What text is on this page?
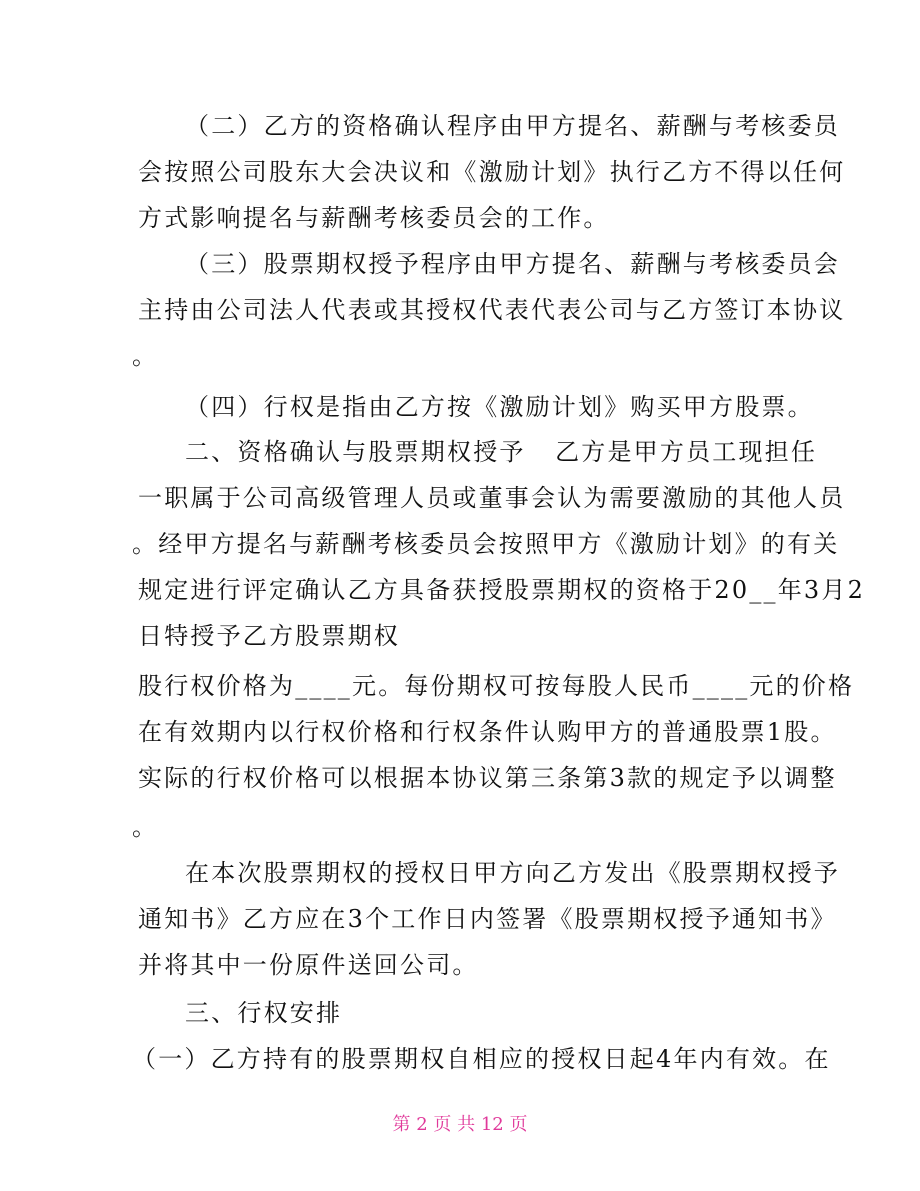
（二）乙方的资格确认程序由甲方提名、薪酬与考核委员
会按照公司股东大会决议和《激励计划》执行乙方不得以任何
方式影响提名与薪酬考核委员会的工作。
（三）股票期权授予程序由甲方提名、薪酬与考核委员会
主持由公司法人代表或其授权代表代表公司与乙方签订本协议
。
（四）行权是指由乙方按《激励计划》购买甲方股票。
二、资格确认与股票期权授予   乙方是甲方员工现担任
一职属于公司高级管理人员或董事会认为需要激励的其他人员
。经甲方提名与薪酬考核委员会按照甲方《激励计划》的有关
规定进行评定确认乙方具备获授股票期权的资格于20__年3月2
日特授予乙方股票期权
股行权价格为____元。每份期权可按每股人民币____元的价格
在有效期内以行权价格和行权条件认购甲方的普通股票1股。
实际的行权价格可以根据本协议第三条第3款的规定予以调整
。
在本次股票期权的授权日甲方向乙方发出《股票期权授予
通知书》乙方应在3个工作日内签署《股票期权授予通知书》
并将其中一份原件送回公司。
三、行权安排
（一）乙方持有的股票期权自相应的授权日起4年内有效。在
第 2 页 共 12 页
